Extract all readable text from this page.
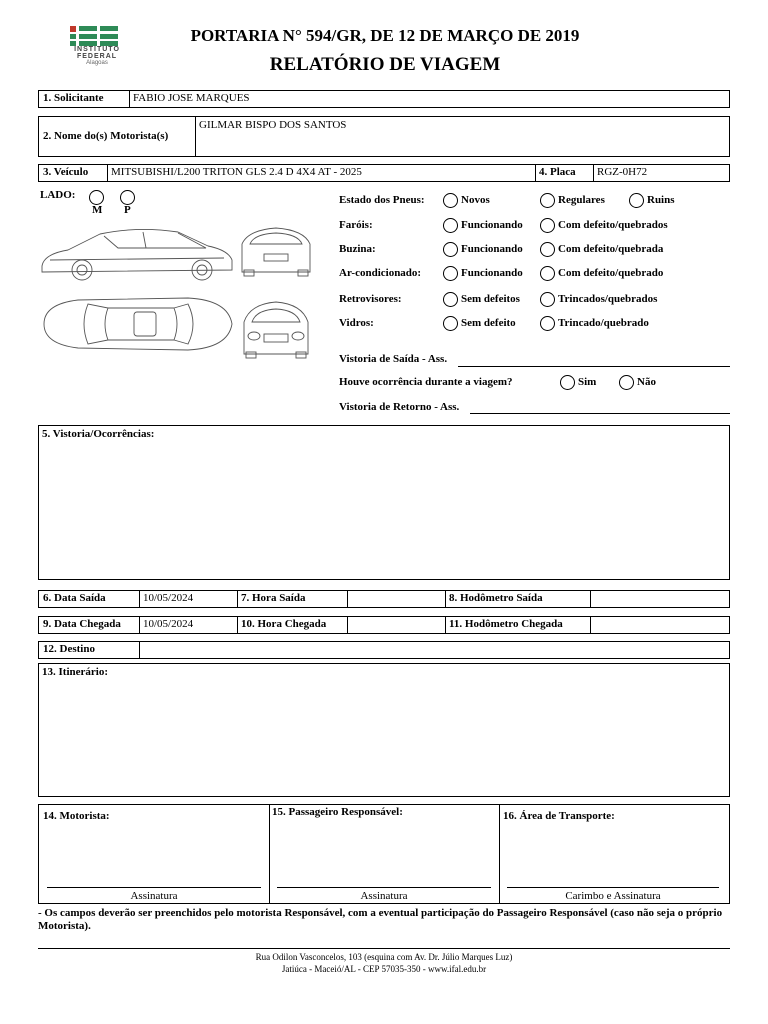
INSTITUTO
FEDERAL
Alagoas
PORTARIA N° 594/GR, DE 12 DE MARÇO DE 2019
RELATÓRIO DE VIAGEM
1. Solicitante	FABIO JOSE MARQUES
2. Nome do(s) Motorista(s)
GILMAR BISPO DOS SANTOS
3. Veículo	MITSUBISHI/L200 TRITON GLS 2.4 D 4X4 AT - 2025	4. Placa	RGZ-0H72
LADO:
M P
Estado dos Pneus:	Novos	Regulares	Ruins
Faróis:	Funcionando	Com defeito/quebrados
Buzina:	Funcionando	Com defeito/quebrada
Ar-condicionado:	Funcionando	Com defeito/quebrado
Retrovisores:	Sem defeitos	Trincados/quebrados
Vidros:	Sem defeito	Trincado/quebrado
Vistoria de Saída - Ass.
Houve ocorrência durante a viagem?	Sim	Não
Vistoria de Retorno - Ass.
5. Vistoria/Ocorrências:
6. Data Saída	10/05/2024	7. Hora Saída	8. Hodômetro Saída
9. Data Chegada	10/05/2024	10. Hora Chegada	11. Hodômetro Chegada
12. Destino
13. Itinerário:
14. Motorista:
Assinatura
15. Passageiro Responsável:
Assinatura
16. Área de Transporte:
Carimbo e Assinatura
- Os campos deverão ser preenchidos pelo motorista Responsável, com a eventual participação do Passageiro Responsável (caso não seja o próprio Motorista).
Rua Odilon Vasconcelos, 103 (esquina com Av. Dr. Júlio Marques Luz)
Jatiúca - Maceió/AL - CEP 57035-350 - www.ifal.edu.br
